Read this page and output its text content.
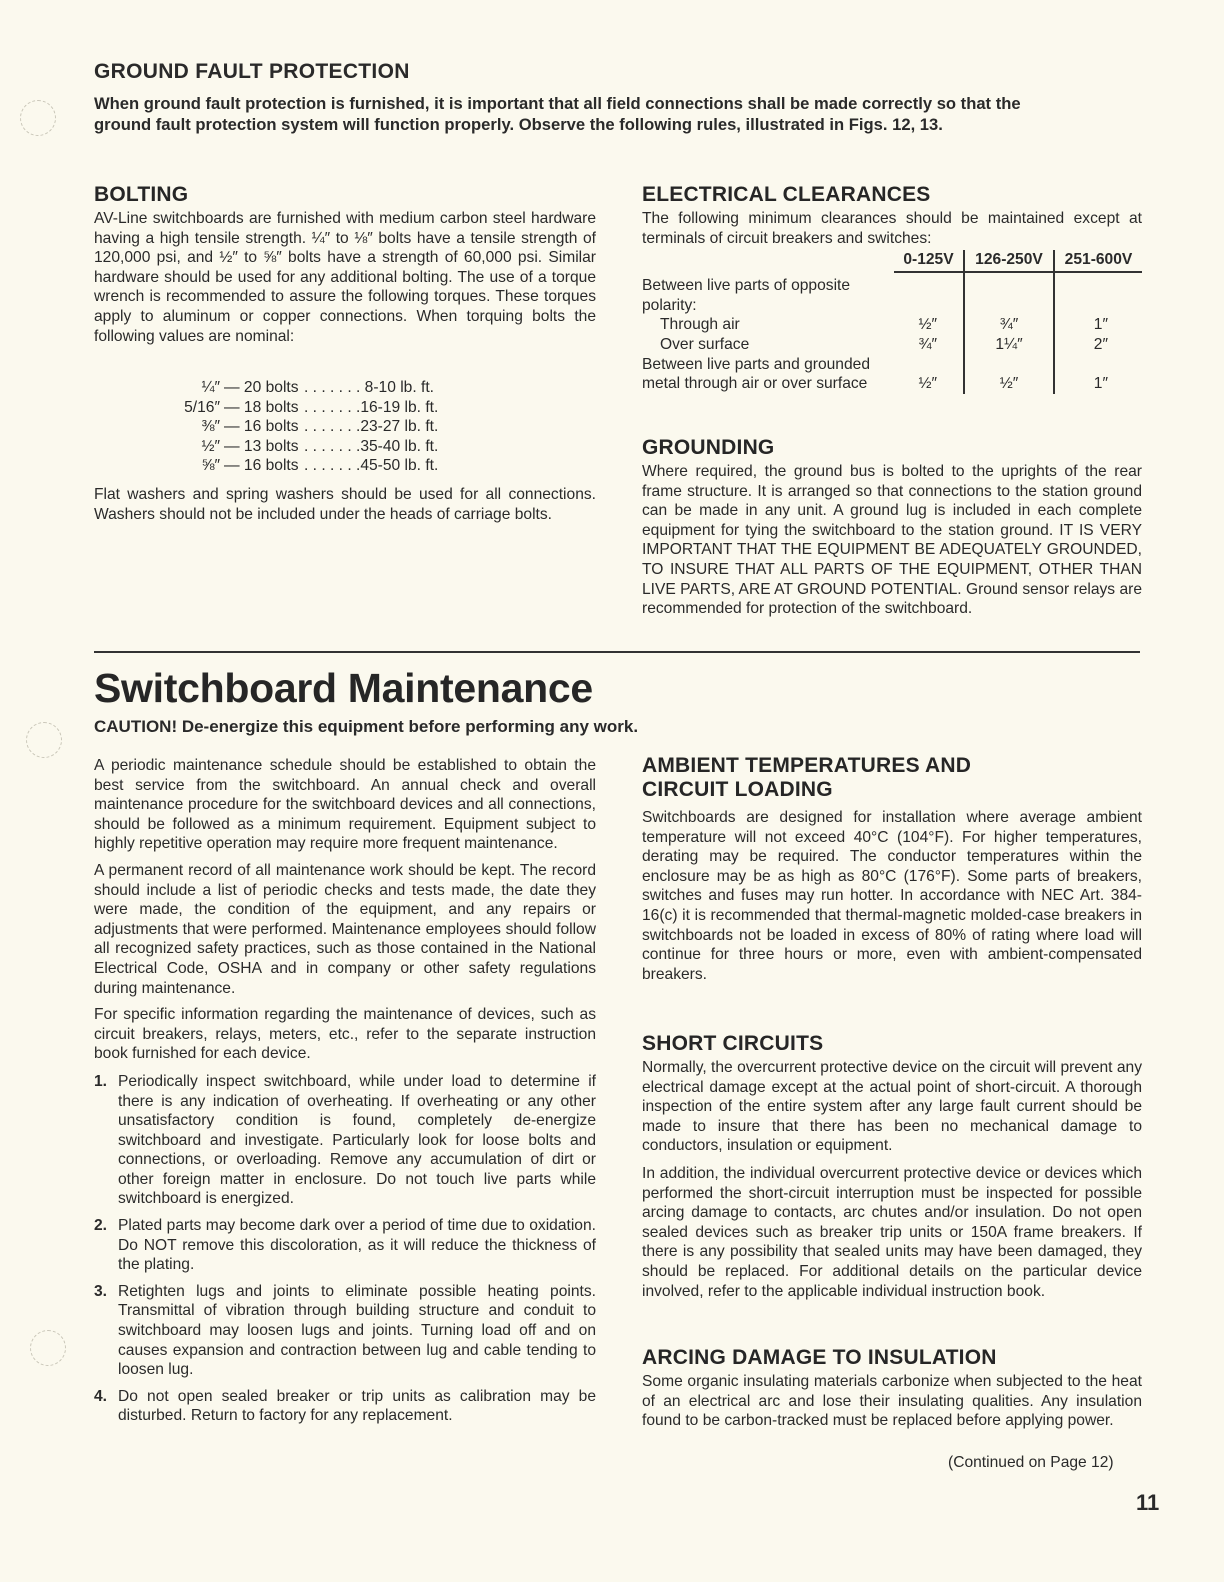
GROUND FAULT PROTECTION
When ground fault protection is furnished, it is important that all field connections shall be made correctly so that the ground fault protection system will function properly. Observe the following rules, illustrated in Figs. 12, 13.
BOLTING

AV-Line switchboards are furnished with medium carbon steel hardware having a high tensile strength. ¼″ to ⅛″ bolts have a tensile strength of 120,000 psi, and ½″ to ⅝″ bolts have a strength of 60,000 psi. Similar hardware should be used for any additional bolting. The use of a torque wrench is recommended to assure the following torques. These torques apply to aluminum or copper connections. When torquing bolts the following values are nominal:

¼″ — 20 bolts . . . . . . . 8-10 lb. ft.
5/16″ — 18 bolts . . . . . . .16-19 lb. ft.
⅜″ — 16 bolts . . . . . . .23-27 lb. ft.
½″ — 13 bolts . . . . . . .35-40 lb. ft.
⅝″ — 16 bolts . . . . . . .45-50 lb. ft.

Flat washers and spring washers should be used for all connections. Washers should not be included under the heads of carriage bolts.

ELECTRICAL CLEARANCES

The following minimum clearances should be maintained except at terminals of circuit breakers and switches:

	0-125V	126-250V	251-600V
Between live parts of opposite polarity:			
Through air	½″	¾″	1″
Over surface	¾″	1¼″	2″
Between live parts and grounded metal through air or over surface	½″	½″	1″
GROUNDING

Where required, the ground bus is bolted to the uprights of the rear frame structure. It is arranged so that connections to the station ground can be made in any unit. A ground lug is included in each complete equipment for tying the switchboard to the station ground. IT IS VERY IMPORTANT THAT THE EQUIPMENT BE ADEQUATELY GROUNDED, TO INSURE THAT ALL PARTS OF THE EQUIPMENT, OTHER THAN LIVE PARTS, ARE AT GROUND POTENTIAL. Ground sensor relays are recommended for protection of the switchboard.

Switchboard Maintenance
CAUTION! De-energize this equipment before performing any work.

A periodic maintenance schedule should be established to obtain the best service from the switchboard. An annual check and overall maintenance procedure for the switchboard devices and all connections, should be followed as a minimum requirement. Equipment subject to highly repetitive operation may require more frequent maintenance.

A permanent record of all maintenance work should be kept. The record should include a list of periodic checks and tests made, the date they were made, the condition of the equipment, and any repairs or adjustments that were performed. Maintenance employees should follow all recognized safety practices, such as those contained in the National Electrical Code, OSHA and in company or other safety regulations during maintenance.

For specific information regarding the maintenance of devices, such as circuit breakers, relays, meters, etc., refer to the separate instruction book furnished for each device.

1. Periodically inspect switchboard, while under load to determine if there is any indication of overheating. If overheating or any other unsatisfactory condition is found, completely de-energize switchboard and investigate. Particularly look for loose bolts and connections, or overloading. Remove any accumulation of dirt or other foreign matter in enclosure. Do not touch live parts while switchboard is energized.
2. Plated parts may become dark over a period of time due to oxidation. Do NOT remove this discoloration, as it will reduce the thickness of the plating.
3. Retighten lugs and joints to eliminate possible heating points. Transmittal of vibration through building structure and conduit to switchboard may loosen lugs and joints. Turning load off and on causes expansion and contraction between lug and cable tending to loosen lug.
4. Do not open sealed breaker or trip units as calibration may be disturbed. Return to factory for any replacement.
AMBIENT TEMPERATURES AND
CIRCUIT LOADING

Switchboards are designed for installation where average ambient temperature will not exceed 40°C (104°F). For higher temperatures, derating may be required. The conductor temperatures within the enclosure may be as high as 80°C (176°F). Some parts of breakers, switches and fuses may run hotter. In accordance with NEC Art. 384-16(c) it is recommended that thermal-magnetic molded-case breakers in switchboards not be loaded in excess of 80% of rating where load will continue for three hours or more, even with ambient-compensated breakers.

SHORT CIRCUITS

Normally, the overcurrent protective device on the circuit will prevent any electrical damage except at the actual point of short-circuit. A thorough inspection of the entire system after any large fault current should be made to insure that there has been no mechanical damage to conductors, insulation or equipment.

In addition, the individual overcurrent protective device or devices which performed the short-circuit interruption must be inspected for possible arcing damage to contacts, arc chutes and/or insulation. Do not open sealed devices such as breaker trip units or 150A frame breakers. If there is any possibility that sealed units may have been damaged, they should be replaced. For additional details on the particular device involved, refer to the applicable individual instruction book.

ARCING DAMAGE TO INSULATION

Some organic insulating materials carbonize when subjected to the heat of an electrical arc and lose their insulating qualities. Any insulation found to be carbon-tracked must be replaced before applying power.

(Continued on Page 12)
11
